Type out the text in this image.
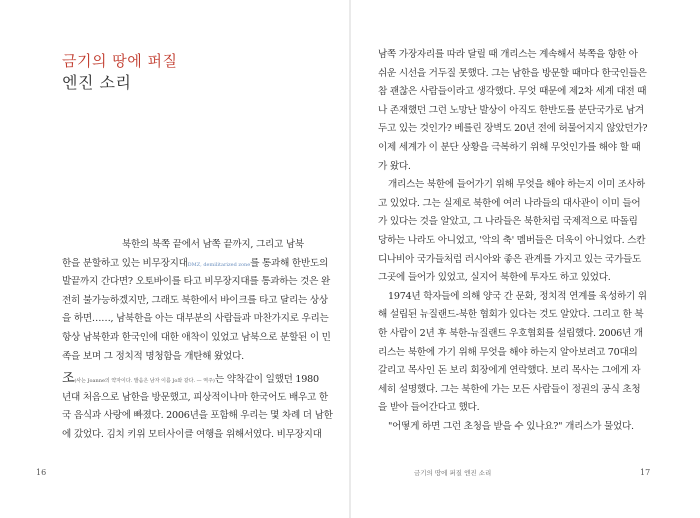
금기의 땅에 퍼질
엔진 소리
북한의 북쪽 끝에서 남쪽 끝까지, 그리고 남북
한을 분할하고 있는 비무장지대DMZ, demilitarized zone를 통과해 한반도의
발끝까지 간다면? 오토바이를 타고 비무장지대를 통과하는 것은 완
전히 불가능하겠지만, 그래도 북한에서 바이크를 타고 달리는 상상
을 하면……, 남북한을 아는 대부분의 사람들과 마찬가지로 우리는
항상 남북한과 한국인에 대한 애착이 있었고 남북으로 분할된 이 민
족을 보며 그 정치적 명청함을 개탄해 왔었다.
조(사는 Joanne의 약자이다. 발음은 남자 이름 Jo와 같다. — 역주)는 약착같이 일했던 1980
년대 처음으로 남한을 방문했고, 피상적이나마 한국어도 배우고 한
국 음식과 사랑에 빠졌다. 2006년을 포함해 우리는 몇 차례 더 남한
에 갔었다. 김치 키위 모터사이클 여행을 위해서였다. 비무장지대
16
남쪽 가장자리를 따라 달릴 때 개리스는 계속해서 북쪽을 향한 아
쉬운 시선을 거두질 못했다. 그는 남한을 방문할 때마다 한국인들은
참 괜찮은 사람들이라고 생각했다. 무엇 때문에 제2차 세계 대전 때
나 존재했던 그런 노망난 발상이 아직도 한반도를 분단국가로 남겨
두고 있는 것인가? 베를린 장벽도 20년 전에 허물어지지 않았던가?
이제 세계가 이 분단 상황을 극복하기 위해 무엇인가를 해야 할 때
가 왔다.
개리스는 북한에 들어가기 위해 무엇을 해야 하는지 이미 조사하
고 있었다. 그는 실제로 북한에 여러 나라들의 대사관이 이미 들어
가 있다는 것을 알았고, 그 나라들은 북한처럼 국제적으로 따돌림
당하는 나라도 아니었고, '악의 축' 멤버들은 더욱이 아니었다. 스칸
디나비아 국가들처럼 러시아와 좋은 관계를 가지고 있는 국가들도
그곳에 들어가 있었고, 실지어 북한에 투자도 하고 있었다.
1974년 학자들에 의해 양국 간 문화, 정치적 연계를 육성하기 위
해 설립된 뉴질랜드-북한 협회가 있다는 것도 알았다. 그리고 한 북
한 사람이 2년 후 북한-뉴질랜드 우호협회를 설립했다. 2006년 개
리스는 북한에 가기 위해 무엇을 해야 하는지 알아보려고 70대의
갈리고 목사인 돈 보리 회장에게 연락했다. 보리 목사는 그에게 자
세히 설명했다. 그는 북한에 가는 모든 사람들이 정권의 공식 초청
을 받아 들어간다고 했다.
"어떻게 하면 그런 초청을 받을 수 있나요?" 개리스가 물었다.
금기의 땅에 퍼질 엔진 소리	17
